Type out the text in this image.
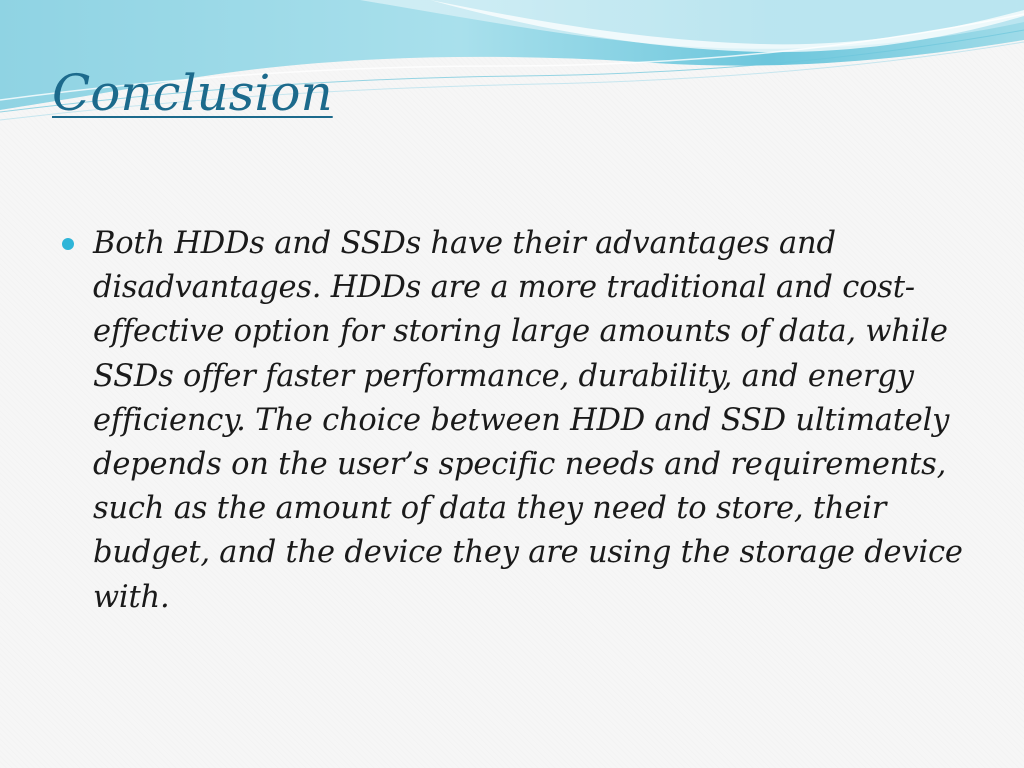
Conclusion
Both HDDs and SSDs have their advantages and disadvantages. HDDs are a more traditional and cost-effective option for storing large amounts of data, while SSDs offer faster performance, durability, and energy efficiency. The choice between HDD and SSD ultimately depends on the user’s specific needs and requirements, such as the amount of data they need to store, their budget, and the device they are using the storage device with.
